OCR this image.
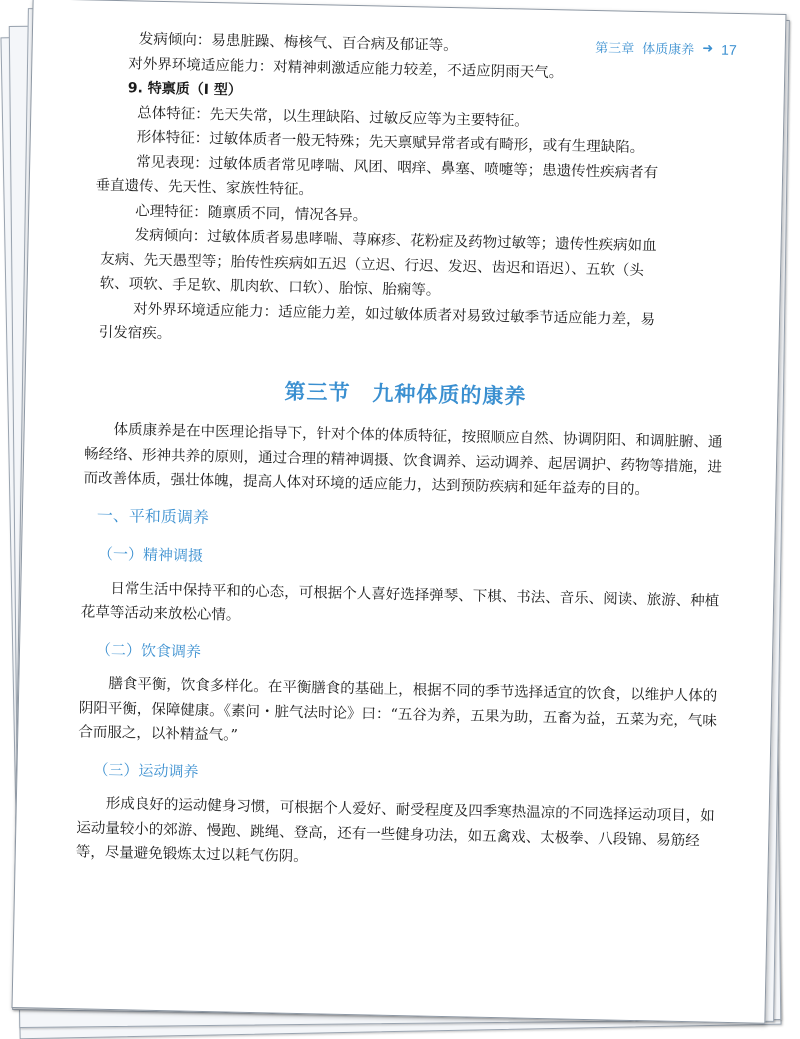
第三章 体质康养 ➜ 17

发病倾向：易患脏躁、梅核气、百合病及郁证等。

对外界环境适应能力：对精神刺激适应能力较差，不适应阴雨天气。

9. 特禀质（I 型）

总体特征：先天失常，以生理缺陷、过敏反应等为主要特征。

形体特征：过敏体质者一般无特殊；先天禀赋异常者或有畸形，或有生理缺陷。

常见表现：过敏体质者常见哮喘、风团、咽痒、鼻塞、喷嚏等；患遗传性疾病者有

垂直遗传、先天性、家族性特征。

心理特征：随禀质不同，情况各异。

发病倾向：过敏体质者易患哮喘、荨麻疹、花粉症及药物过敏等；遗传性疾病如血

友病、先天愚型等；胎传性疾病如五迟（立迟、行迟、发迟、齿迟和语迟）、五软（头

软、项软、手足软、肌肉软、口软）、胎惊、胎痫等。

对外界环境适应能力：适应能力差，如过敏体质者对易致过敏季节适应能力差，易

引发宿疾。

第三节 九种体质的康养

体质康养是在中医理论指导下，针对个体的体质特征，按照顺应自然、协调阴阳、和调脏腑、通畅经络、形神共养的原则，通过合理的精神调摄、饮食调养、运动调养、起居调护、药物等措施，进而改善体质，强壮体魄，提高人体对环境的适应能力，达到预防疾病和延年益寿的目的。

一、平和质调养
（一）精神调摄

日常生活中保持平和的心态，可根据个人喜好选择弹琴、下棋、书法、音乐、阅读、旅游、种植花草等活动来放松心情。

（二）饮食调养

膳食平衡，饮食多样化。在平衡膳食的基础上，根据不同的季节选择适宜的饮食，以维护人体的阴阳平衡，保障健康。《素问・脏气法时论》曰：“五谷为养，五果为助，五畜为益，五菜为充，气味合而服之，以补精益气。”

（三）运动调养

形成良好的运动健身习惯，可根据个人爱好、耐受程度及四季寒热温凉的不同选择运动项目，如运动量较小的郊游、慢跑、跳绳、登高，还有一些健身功法，如五禽戏、太极拳、八段锦、易筋经等，尽量避免锻炼太过以耗气伤阴。
